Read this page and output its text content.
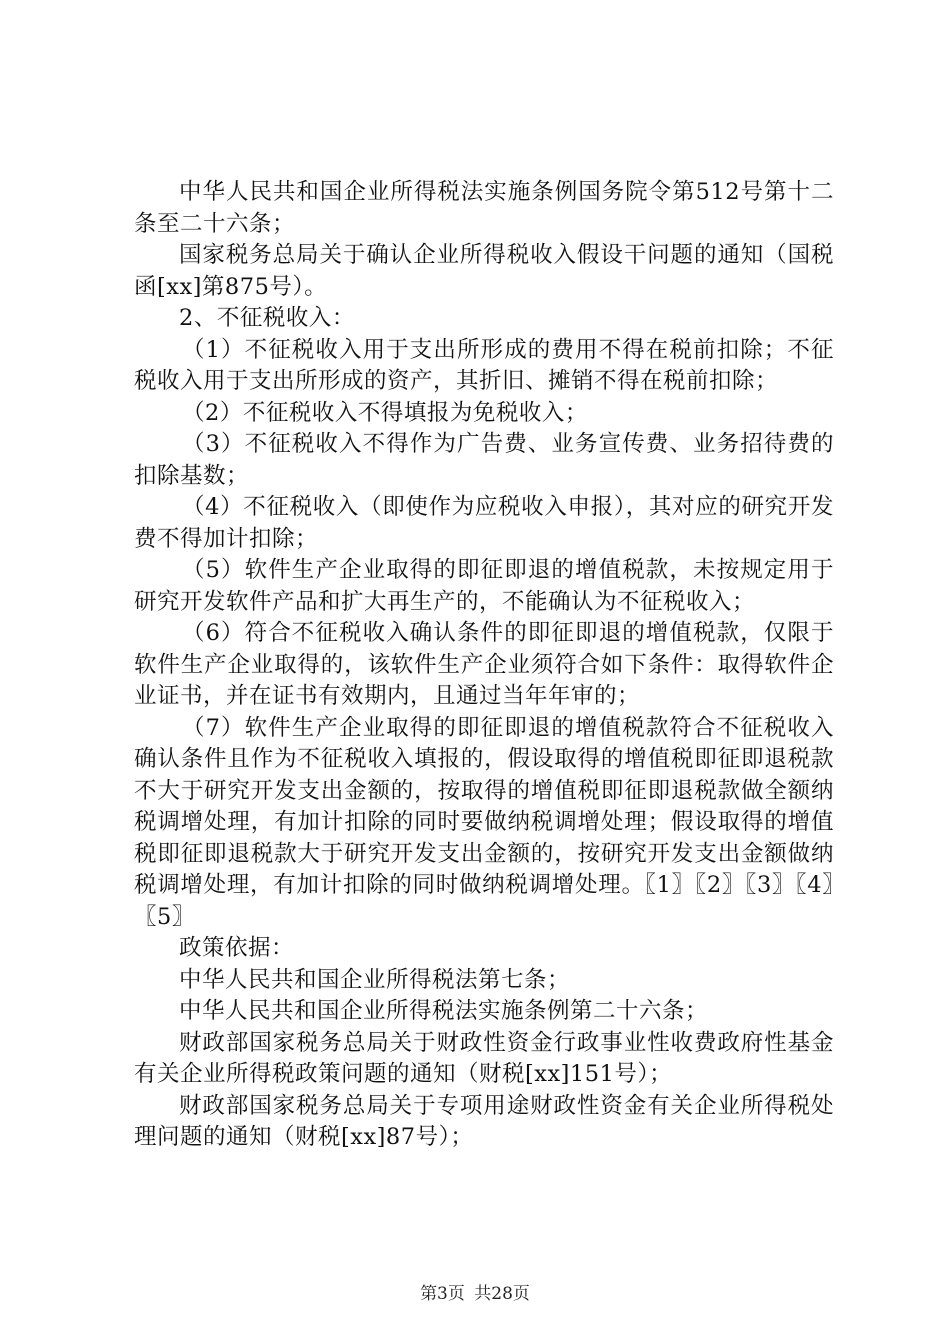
中华人民共和国企业所得税法实施条例国务院令第512号第十二条至二十六条；

国家税务总局关于确认企业所得税收入假设干问题的通知（国税函[xx]第875号）。

2、不征税收入：

（1）不征税收入用于支出所形成的费用不得在税前扣除；不征税收入用于支出所形成的资产，其折旧、摊销不得在税前扣除；

（2）不征税收入不得填报为免税收入；

（3）不征税收入不得作为广告费、业务宣传费、业务招待费的扣除基数；

（4）不征税收入（即使作为应税收入申报），其对应的研究开发费不得加计扣除；

（5）软件生产企业取得的即征即退的增值税款，未按规定用于研究开发软件产品和扩大再生产的，不能确认为不征税收入；

（6）符合不征税收入确认条件的即征即退的增值税款，仅限于软件生产企业取得的，该软件生产企业须符合如下条件：取得软件企业证书，并在证书有效期内，且通过当年年审的；

（7）软件生产企业取得的即征即退的增值税款符合不征税收入确认条件且作为不征税收入填报的，假设取得的增值税即征即退税款不大于研究开发支出金额的，按取得的增值税即征即退税款做全额纳税调增处理，有加计扣除的同时要做纳税调增处理；假设取得的增值税即征即退税款大于研究开发支出金额的，按研究开发支出金额做纳税调增处理，有加计扣除的同时做纳税调增处理。〖1〗〖2〗〖3〗〖4〗〖5〗

政策依据：

中华人民共和国企业所得税法第七条；

中华人民共和国企业所得税法实施条例第二十六条；

财政部国家税务总局关于财政性资金行政事业性收费政府性基金有关企业所得税政策问题的通知（财税[xx]151号）；

财政部国家税务总局关于专项用途财政性资金有关企业所得税处理问题的通知（财税[xx]87号）；

第3页 共28页
